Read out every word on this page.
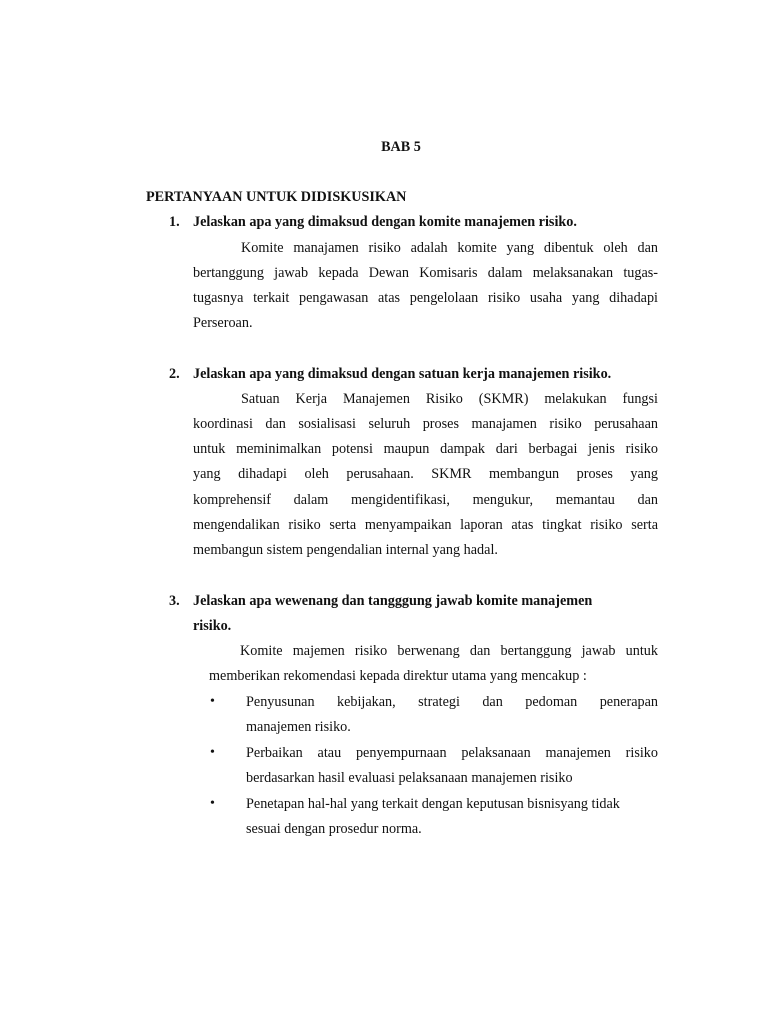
BAB 5
PERTANYAAN UNTUK DIDISKUSIKAN
1. Jelaskan apa yang dimaksud dengan komite manajemen risiko.
Komite manajamen risiko adalah komite yang dibentuk oleh dan
bertanggung jawab kepada Dewan Komisaris dalam melaksanakan tugas-
tugasnya terkait pengawasan atas pengelolaan risiko usaha yang dihadapi
Perseroan.
2. Jelaskan apa yang dimaksud dengan satuan kerja manajemen risiko.
Satuan Kerja Manajemen Risiko (SKMR) melakukan fungsi
koordinasi dan sosialisasi seluruh proses manajamen risiko perusahaan
untuk meminimalkan potensi maupun dampak dari berbagai jenis risiko
yang dihadapi oleh perusahaan. SKMR membangun proses yang
komprehensif dalam mengidentifikasi, mengukur, memantau dan
mengendalikan risiko serta menyampaikan laporan atas tingkat risiko serta
membangun sistem pengendalian internal yang hadal.
3. Jelaskan apa wewenang dan tangggung jawab komite manajemen
risiko.
Komite majemen risiko berwenang dan bertanggung jawab untuk
memberikan rekomendasi kepada direktur utama yang mencakup :
• Penyusunan kebijakan, strategi dan pedoman penerapan
manajemen risiko.
• Perbaikan atau penyempurnaan pelaksanaan manajemen risiko
berdasarkan hasil evaluasi pelaksanaan manajemen risiko
• Penetapan hal-hal yang terkait dengan keputusan bisnisyang tidak
sesuai dengan prosedur norma.
